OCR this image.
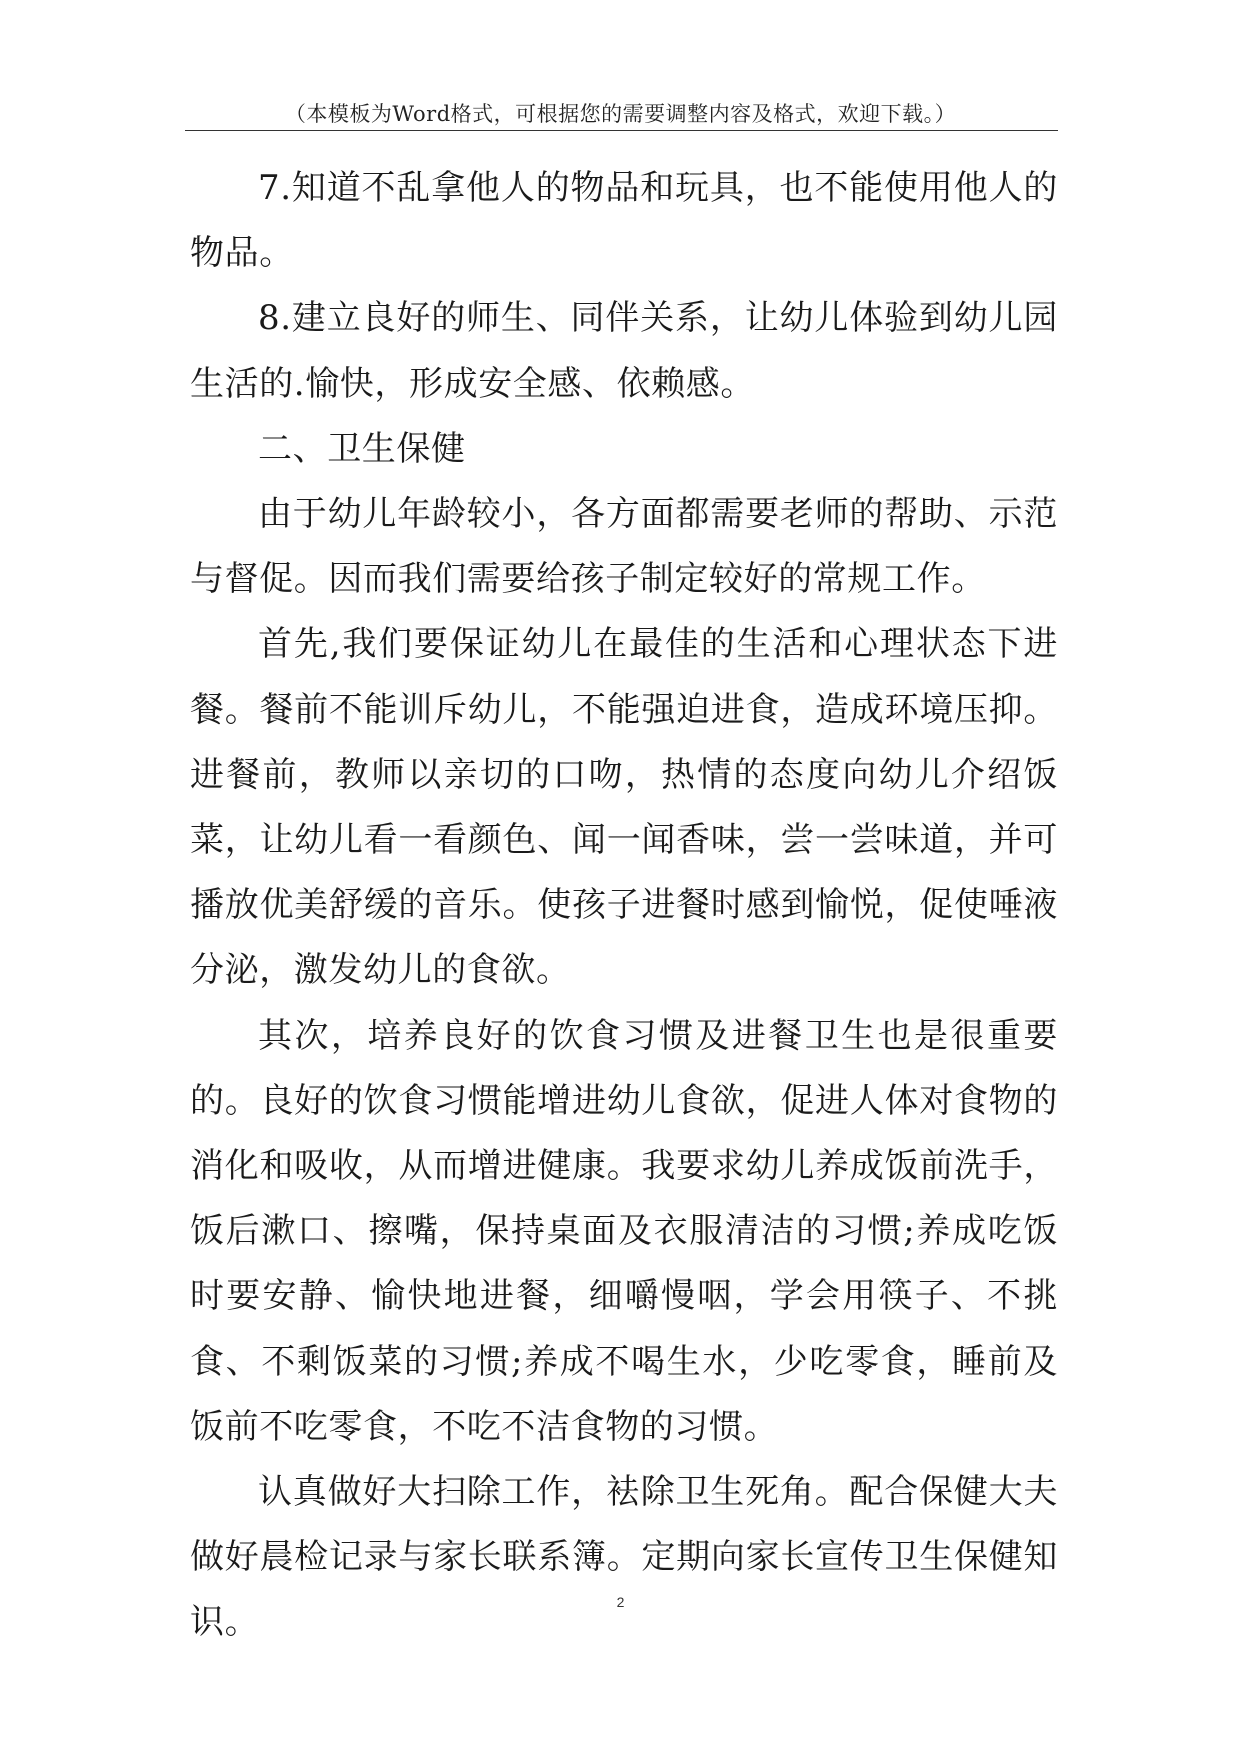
（本模板为Word格式，可根据您的需要调整内容及格式，欢迎下载。）

7.知道不乱拿他人的物品和玩具，也不能使用他人的物品。

8.建立良好的师生、同伴关系，让幼儿体验到幼儿园生活的.愉快，形成安全感、依赖感。

二、卫生保健

由于幼儿年龄较小，各方面都需要老师的帮助、示范与督促。因而我们需要给孩子制定较好的常规工作。

首先,我们要保证幼儿在最佳的生活和心理状态下进餐。餐前不能训斥幼儿，不能强迫进食，造成环境压抑。进餐前，教师以亲切的口吻，热情的态度向幼儿介绍饭菜，让幼儿看一看颜色、闻一闻香味，尝一尝味道，并可播放优美舒缓的音乐。使孩子进餐时感到愉悦，促使唾液分泌，激发幼儿的食欲。

其次，培养良好的饮食习惯及进餐卫生也是很重要的。良好的饮食习惯能增进幼儿食欲，促进人体对食物的消化和吸收，从而增进健康。我要求幼儿养成饭前洗手，饭后漱口、擦嘴，保持桌面及衣服清洁的习惯;养成吃饭时要安静、愉快地进餐，细嚼慢咽，学会用筷子、不挑食、不剩饭菜的习惯;养成不喝生水，少吃零食，睡前及饭前不吃零食，不吃不洁食物的习惯。

认真做好大扫除工作，袪除卫生死角。配合保健大夫做好晨检记录与家长联系簿。定期向家长宣传卫生保健知识。

2
